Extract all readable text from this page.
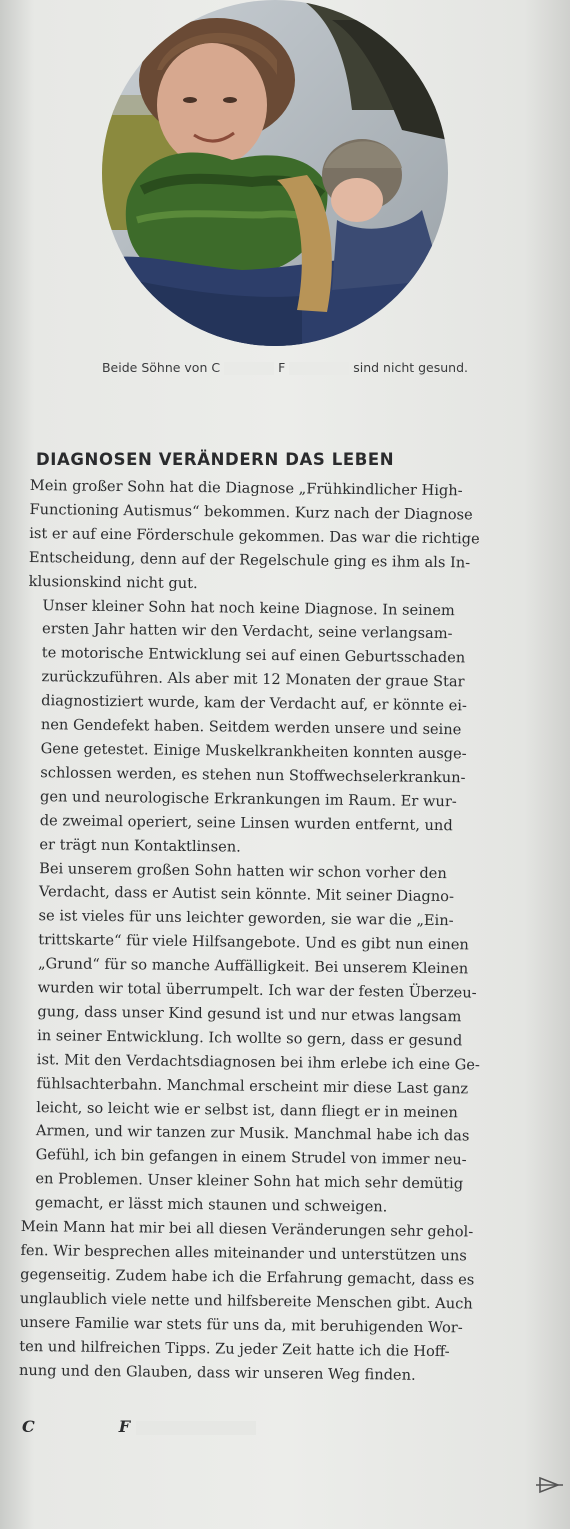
Beide Söhne von C	F	sind nicht gesund.
DIAGNOSEN VERÄNDERN DAS LEBEN

Mein großer Sohn hat die Diagnose „Frühkindlicher High-
Functioning Autismus“ bekommen. Kurz nach der Diagnose
ist er auf eine Förderschule gekommen. Das war die richtige
Entscheidung, denn auf der Regelschule ging es ihm als In-
klusionskind nicht gut.

Unser kleiner Sohn hat noch keine Diagnose. In seinem
ersten Jahr hatten wir den Verdacht, seine verlangsam-
te motorische Entwicklung sei auf einen Geburtsschaden
zurückzuführen. Als aber mit 12 Monaten der graue Star
diagnostiziert wurde, kam der Verdacht auf, er könnte ei-
nen Gendefekt haben. Seitdem werden unsere und seine
Gene getestet. Einige Muskelkrankheiten konnten ausge-
schlossen werden, es stehen nun Stoffwechselerkrankun-
gen und neurologische Erkrankungen im Raum. Er wur-
de zweimal operiert, seine Linsen wurden entfernt, und
er trägt nun Kontaktlinsen.

Bei unserem großen Sohn hatten wir schon vorher den
Verdacht, dass er Autist sein könnte. Mit seiner Diagno-
se ist vieles für uns leichter geworden, sie war die „Ein-
trittskarte“ für viele Hilfsangebote. Und es gibt nun einen
„Grund“ für so manche Auffälligkeit. Bei unserem Kleinen
wurden wir total überrumpelt. Ich war der festen Überzeu-
gung, dass unser Kind gesund ist und nur etwas langsam
in seiner Entwicklung. Ich wollte so gern, dass er gesund
ist. Mit den Verdachtsdiagnosen bei ihm erlebe ich eine Ge-
fühlsachterbahn. Manchmal erscheint mir diese Last ganz
leicht, so leicht wie er selbst ist, dann fliegt er in meinen
Armen, und wir tanzen zur Musik. Manchmal habe ich das
Gefühl, ich bin gefangen in einem Strudel von immer neu-
en Problemen. Unser kleiner Sohn hat mich sehr demütig
gemacht, er lässt mich staunen und schweigen.

Mein Mann hat mir bei all diesen Veränderungen sehr gehol-
fen. Wir besprechen alles miteinander und unterstützen uns
gegenseitig. Zudem habe ich die Erfahrung gemacht, dass es
unglaublich viele nette und hilfsbereite Menschen gibt. Auch
unsere Familie war stets für uns da, mit beruhigenden Wor-
ten und hilfreichen Tipps. Zu jeder Zeit hatte ich die Hoff-
nung und den Glauben, dass wir unseren Weg finden.

C	F
